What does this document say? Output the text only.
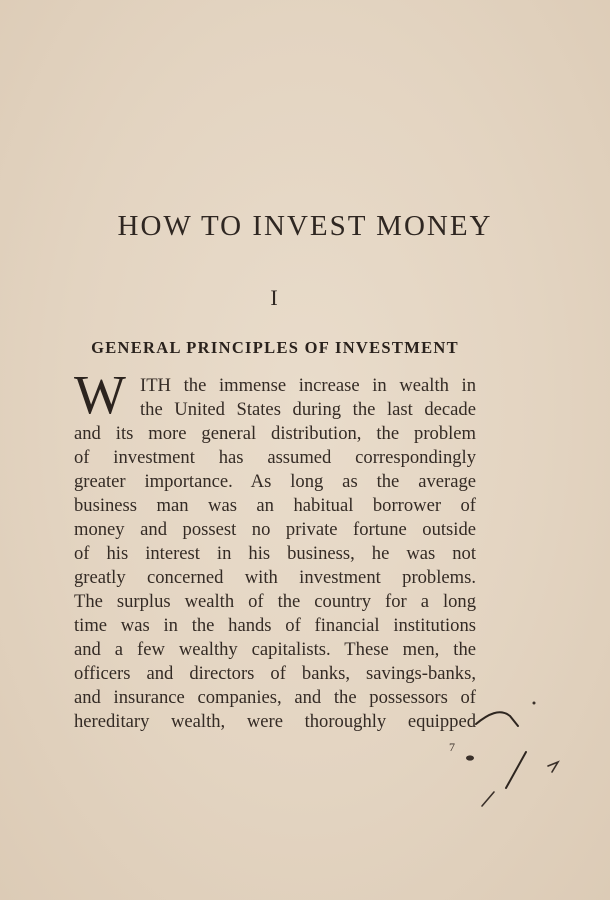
HOW TO INVEST MONEY
I
GENERAL PRINCIPLES OF INVESTMENT
W ITH the immense increase in wealth in
the United States during the last decade
and its more general distribution, the problem
of investment has assumed correspondingly
greater importance. As long as the average
business man was an habitual borrower of
money and possest no private fortune outside
of his interest in his business, he was not
greatly concerned with investment problems.
The surplus wealth of the country for a long
time was in the hands of financial institutions
and a few wealthy capitalists. These men, the
officers and directors of banks, savings-banks,
and insurance companies, and the possessors of
hereditary wealth, were thoroughly equipped
7
